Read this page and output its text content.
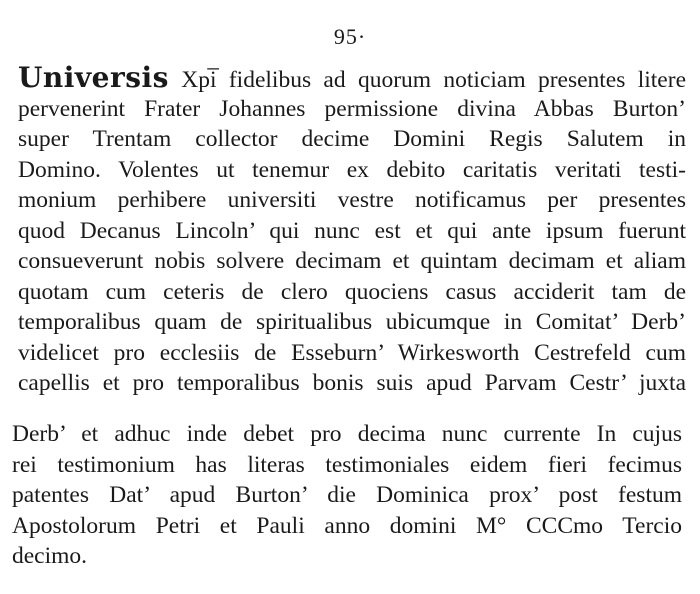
95·
Universis Xpi̅ fidelibus ad quorum noticiam presentes litere
pervenerint Frater Johannes permissione divina Abbas Burton’
super Trentam collector decime Domini Regis Salutem in
Domino. Volentes ut tenemur ex debito caritatis veritati testi-
monium perhibere universiti vestre notificamus per presentes
quod Decanus Lincoln’ qui nunc est et qui ante ipsum fuerunt
consueverunt nobis solvere decimam et quintam decimam et aliam
quotam cum ceteris de clero quociens casus acciderit tam de
temporalibus quam de spiritualibus ubicumque in Comitat’ Derb’
videlicet pro ecclesiis de Esseburn’ Wirkesworth Cestrefeld cum
capellis et pro temporalibus bonis suis apud Parvam Cestr’ juxta
Derb’ et adhuc inde debet pro decima nunc currente In cujus
rei testimonium has literas testimoniales eidem fieri fecimus
patentes Dat’ apud Burton’ die Dominica prox’ post festum
Apostolorum Petri et Pauli anno domini M° CCCmo Tercio
decimo.
